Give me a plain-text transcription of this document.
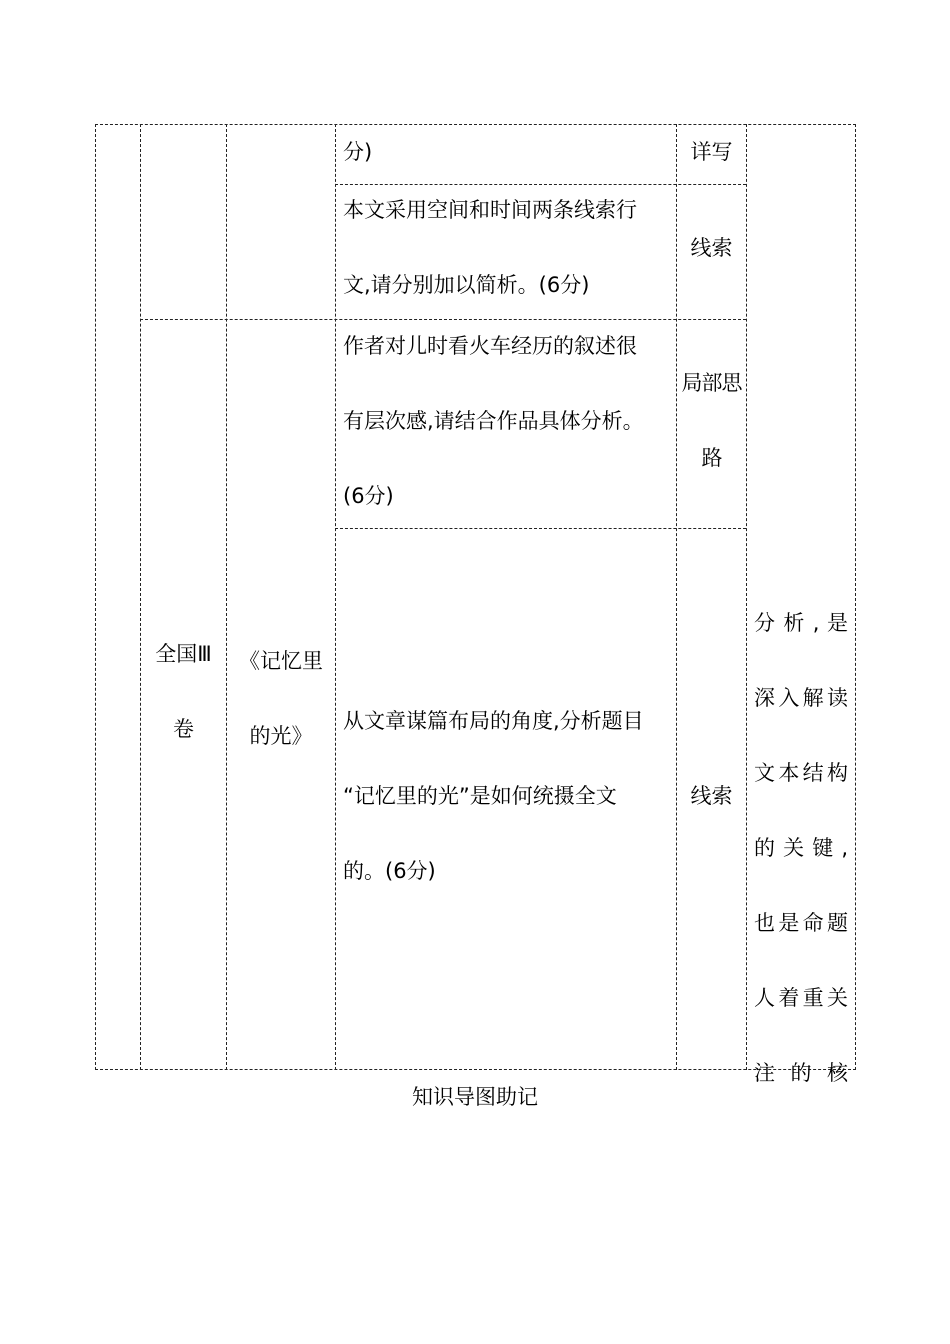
分)	详写
本文采用空间和时间两条线索行
文,请分别加以简析。(6分)
线索
全国Ⅲ
卷
《记忆里
的光》
作者对儿时看火车经历的叙述很
有层次感,请结合作品具体分析。
(6分)
局部思
路
从文章谋篇布局的角度,分析题目
“记忆里的光”是如何统摄全文
的。(6分)
线索
分 析 , 是
深入解读
文本结构
的 关 键 ,
也是命题
人着重关
注 的 核
知识导图助记
